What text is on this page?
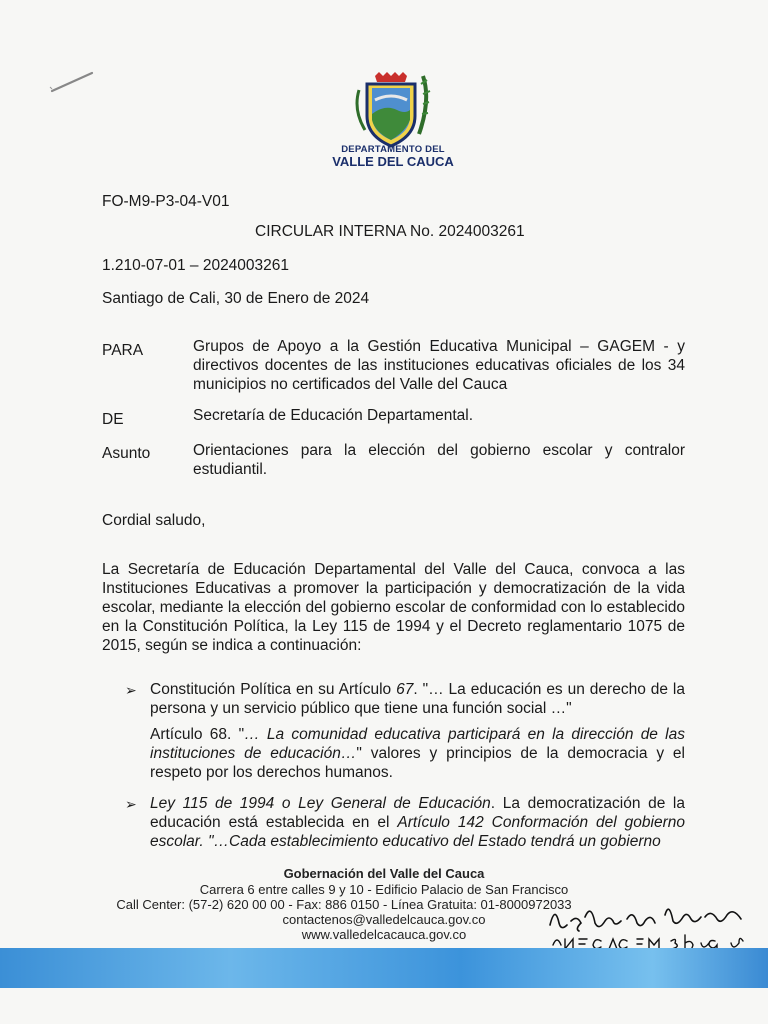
DEPARTAMENTO DEL
VALLE DEL CAUCA
FO-M9-P3-04-V01
CIRCULAR INTERNA No. 2024003261
1.210-07-01 – 2024003261
Santiago de Cali, 30 de Enero de 2024
PARA	Grupos de Apoyo a la Gestión Educativa Municipal – GAGEM - y directivos docentes de las instituciones educativas oficiales de los 34 municipios no certificados del Valle del Cauca
DE	Secretaría de Educación Departamental.
Asunto	Orientaciones para la elección del gobierno escolar y contralor estudiantil.
Cordial saludo,
La Secretaría de Educación Departamental del Valle del Cauca, convoca a las Instituciones Educativas a promover la participación y democratización de la vida escolar, mediante la elección del gobierno escolar de conformidad con lo establecido en la Constitución Política, la Ley 115 de 1994 y el Decreto reglamentario 1075 de 2015, según se indica a continuación:
➢ Constitución Política en su Artículo 67. "… La educación es un derecho de la persona y un servicio público que tiene una función social …"
Artículo 68. "… La comunidad educativa participará en la dirección de las instituciones de educación…" valores y principios de la democracia y el respeto por los derechos humanos.
➢ Ley 115 de 1994 o Ley General de Educación. La democratización de la educación está establecida en el Artículo 142 Conformación del gobierno escolar. "…Cada establecimiento educativo del Estado tendrá un gobierno
Gobernación del Valle del Cauca
Carrera 6 entre calles 9 y 10 - Edificio Palacio de San Francisco
Call Center: (57-2) 620 00 00 - Fax: 886 0150 - Línea Gratuita: 01-8000972033
contactenos@valledelcauca.gov.co
www.valledelcacauca.gov.co
